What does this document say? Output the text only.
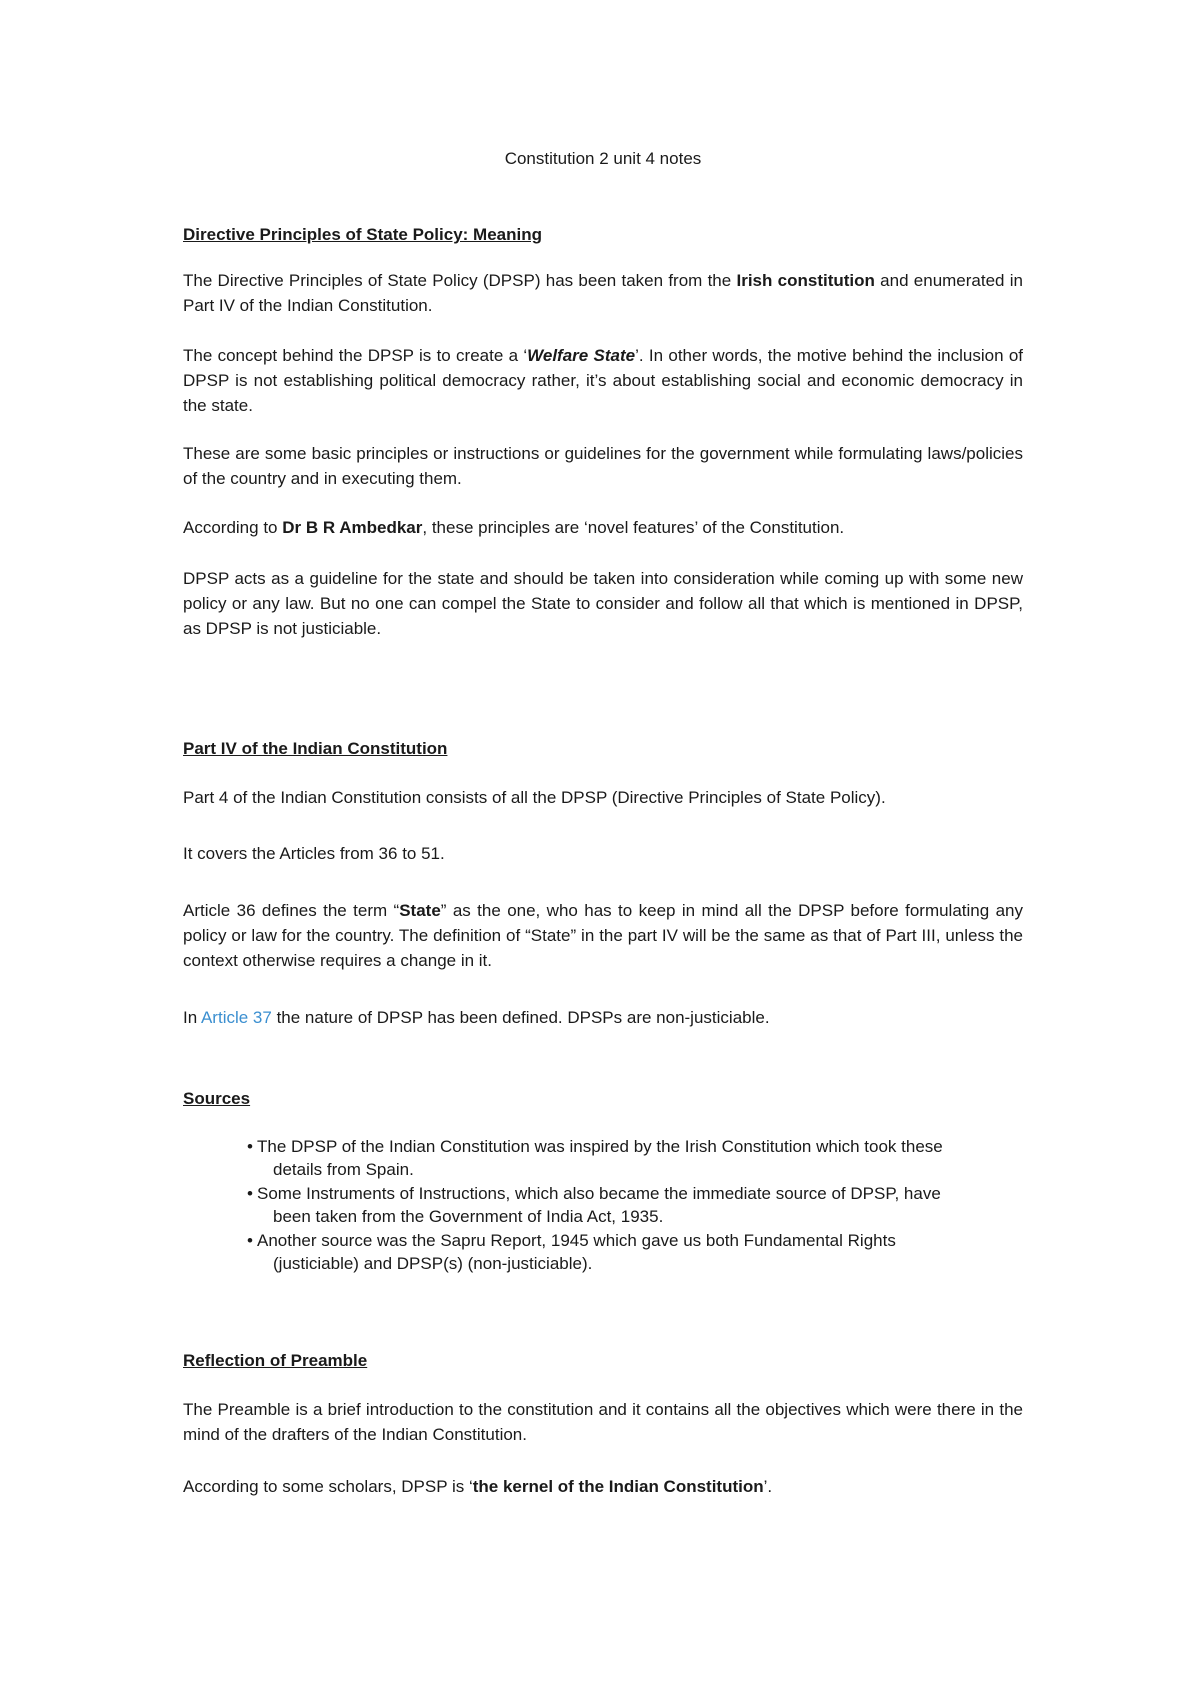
Constitution 2 unit 4 notes
Directive Principles of State Policy: Meaning
The Directive Principles of State Policy (DPSP) has been taken from the Irish constitution and enumerated in Part IV of the Indian Constitution.
The concept behind the DPSP is to create a ‘Welfare State’. In other words, the motive behind the inclusion of DPSP is not establishing political democracy rather, it’s about establishing social and economic democracy in the state.
These are some basic principles or instructions or guidelines for the government while formulating laws/policies of the country and in executing them.
According to Dr B R Ambedkar, these principles are ‘novel features’ of the Constitution.
DPSP acts as a guideline for the state and should be taken into consideration while coming up with some new policy or any law. But no one can compel the State to consider and follow all that which is mentioned in DPSP, as DPSP is not justiciable.
Part IV of the Indian Constitution
Part 4 of the Indian Constitution consists of all the DPSP (Directive Principles of State Policy).
It covers the Articles from 36 to 51.
Article 36 defines the term “State” as the one, who has to keep in mind all the DPSP before formulating any policy or law for the country. The definition of “State” in the part IV will be the same as that of Part III, unless the context otherwise requires a change in it.
In Article 37 the nature of DPSP has been defined. DPSPs are non-justiciable.
Sources
• The DPSP of the Indian Constitution was inspired by the Irish Constitution which took these
details from Spain.
• Some Instruments of Instructions, which also became the immediate source of DPSP, have
been taken from the Government of India Act, 1935.
• Another source was the Sapru Report, 1945 which gave us both Fundamental Rights
(justiciable) and DPSP(s) (non-justiciable).
Reflection of Preamble
The Preamble is a brief introduction to the constitution and it contains all the objectives which were there in the mind of the drafters of the Indian Constitution.
According to some scholars, DPSP is ‘the kernel of the Indian Constitution’.
